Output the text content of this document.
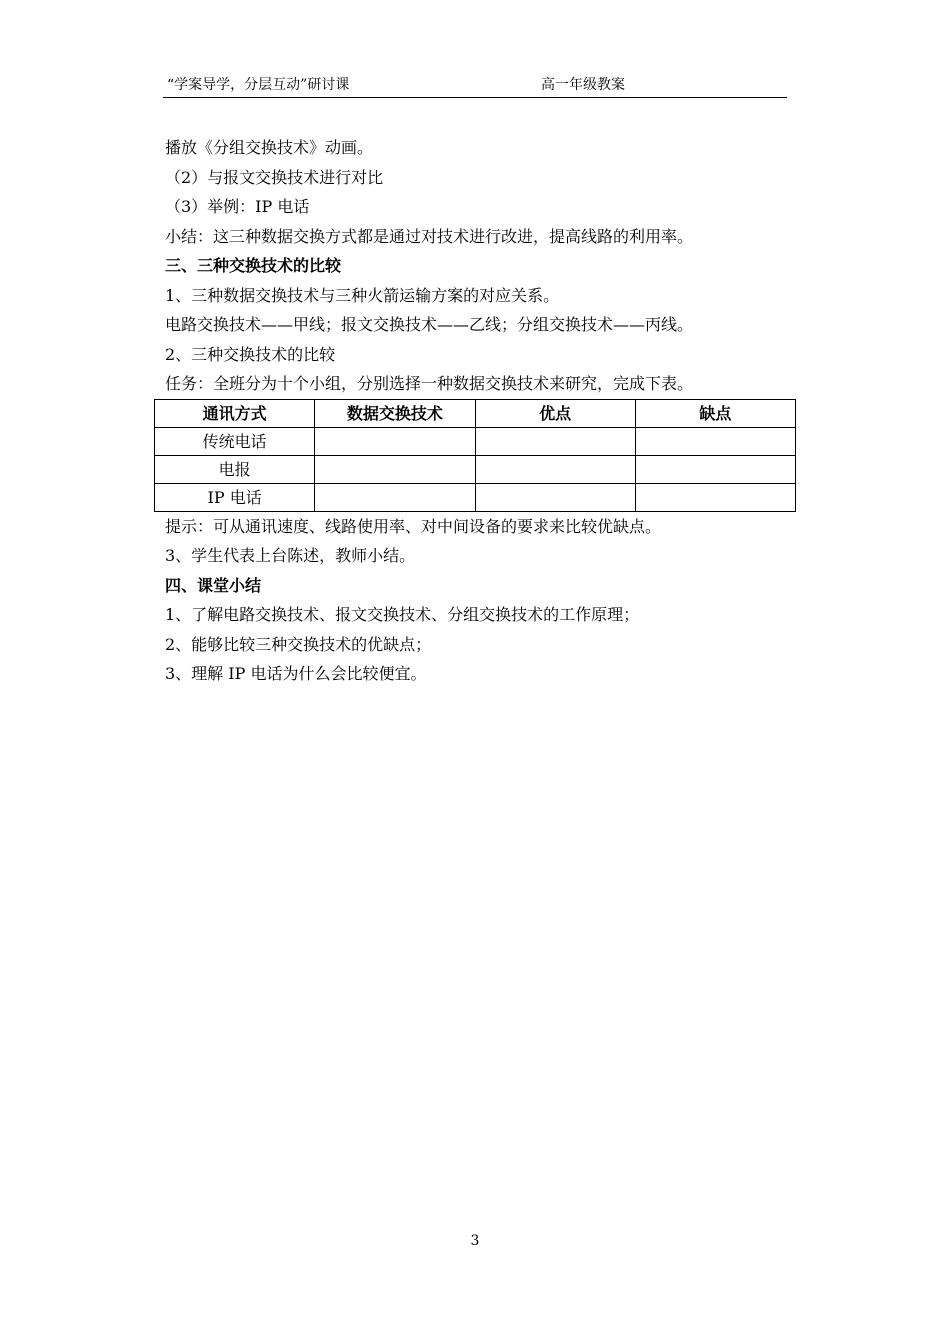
“学案导学，分层互动”研讨课	高一年级教案
播放《分组交换技术》动画。
（2）与报文交换技术进行对比
（3）举例：IP 电话
小结：这三种数据交换方式都是通过对技术进行改进，提高线路的利用率。
三、三种交换技术的比较
1、三种数据交换技术与三种火箭运输方案的对应关系。
电路交换技术——甲线；报文交换技术——乙线；分组交换技术——丙线。
2、三种交换技术的比较
任务：全班分为十个小组，分别选择一种数据交换技术来研究，完成下表。
通讯方式	数据交换技术	优点	缺点
传统电话			
电报			
IP 电话			
提示：可从通讯速度、线路使用率、对中间设备的要求来比较优缺点。
3、学生代表上台陈述，教师小结。
四、课堂小结
1、了解电路交换技术、报文交换技术、分组交换技术的工作原理；
2、能够比较三种交换技术的优缺点；
3、理解 IP 电话为什么会比较便宜。
3
